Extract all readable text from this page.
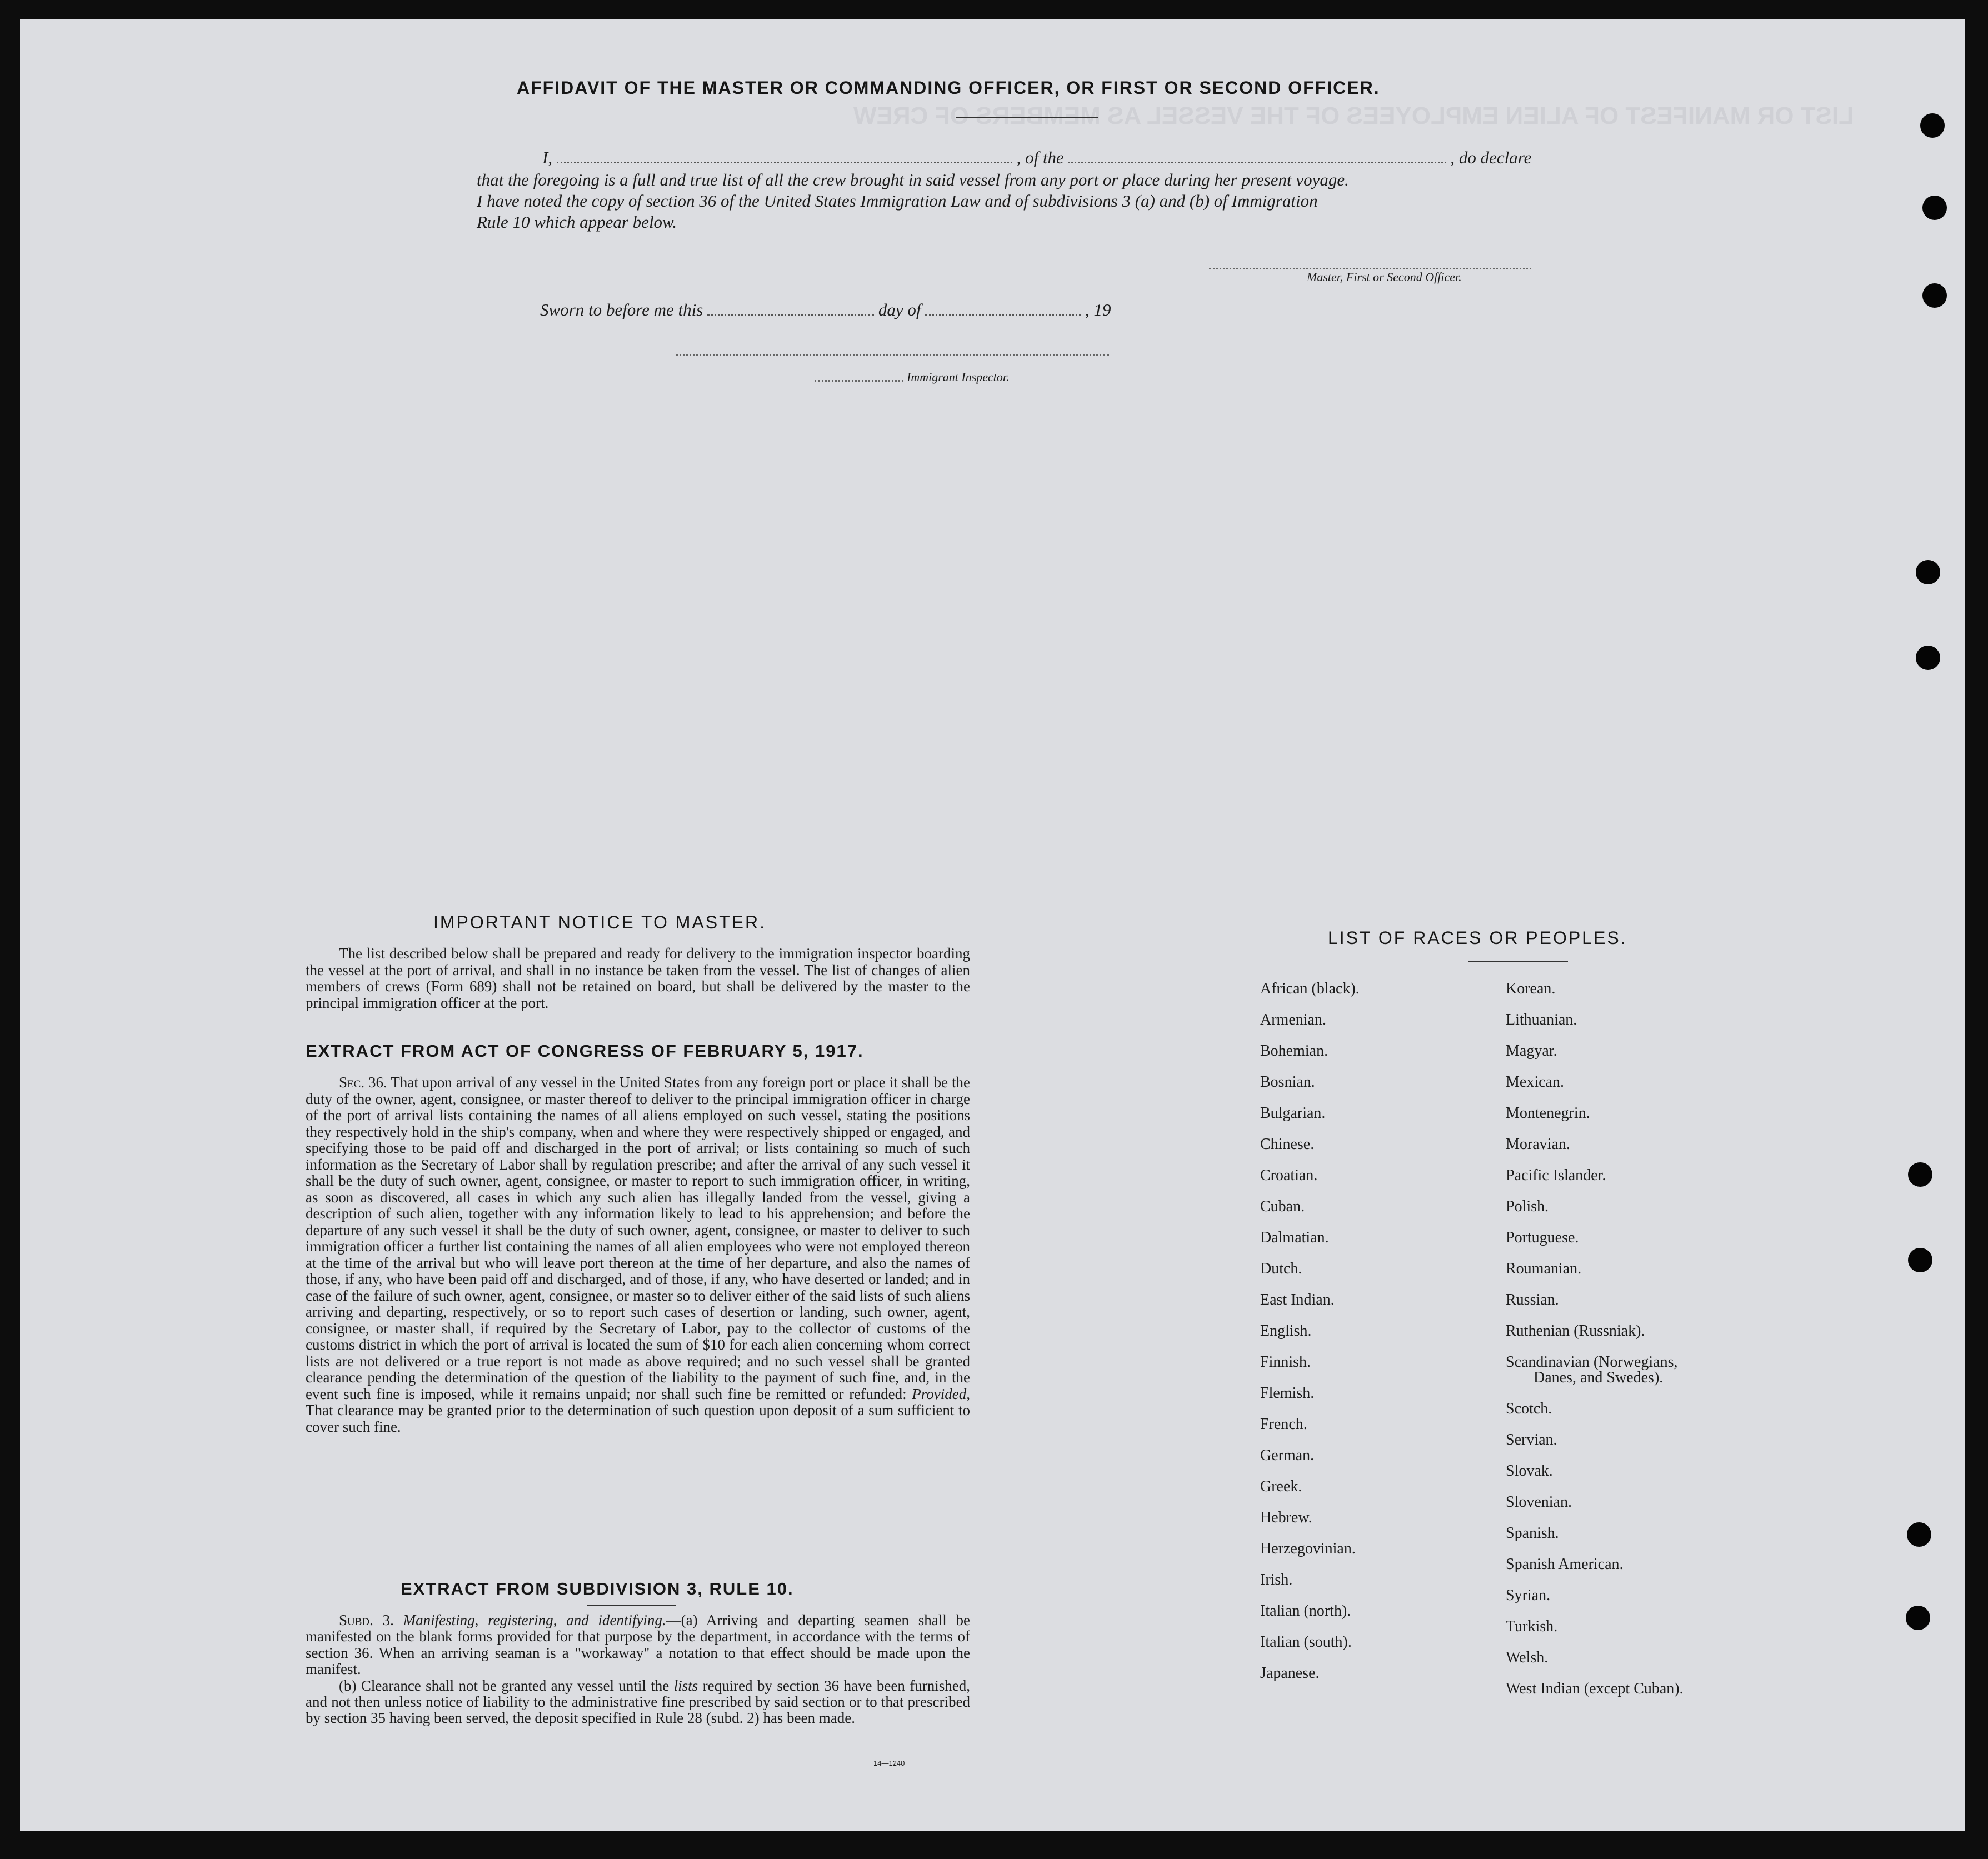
LIST OR MANIFEST OF ALIEN EMPLOYEES OF THE VESSEL AS MEMBERS OF CREW
AFFIDAVIT OF THE MASTER OR COMMANDING OFFICER, OR FIRST OR SECOND OFFICER.
I,	, of the	, do declare
that the foregoing is a full and true list of all the crew brought in said vessel from any port or place during her present voyage.
I have noted the copy of section 36 of the United States Immigration Law and of subdivisions 3 (a) and (b) of Immigration
Rule 10 which appear below.
Master, First or Second Officer.
Sworn to before me this	day of	, 19
Immigrant Inspector.
IMPORTANT NOTICE TO MASTER.

The list described below shall be prepared and ready for delivery to the immigration inspector boarding the vessel at the port of arrival, and shall in no instance be taken from the vessel. The list of changes of alien members of crews (Form 689) shall not be retained on board, but shall be delivered by the master to the principal immigration officer at the port.

EXTRACT FROM ACT OF CONGRESS OF FEBRUARY 5, 1917.

Sec. 36. That upon arrival of any vessel in the United States from any foreign port or place it shall be the duty of the owner, agent, consignee, or master thereof to deliver to the principal immigration officer in charge of the port of arrival lists containing the names of all aliens employed on such vessel, stating the positions they respectively hold in the ship's company, when and where they were respectively shipped or engaged, and specifying those to be paid off and discharged in the port of arrival; or lists containing so much of such information as the Secretary of Labor shall by regulation prescribe; and after the arrival of any such vessel it shall be the duty of such owner, agent, consignee, or master to report to such immigration officer, in writing, as soon as discovered, all cases in which any such alien has illegally landed from the vessel, giving a description of such alien, together with any information likely to lead to his apprehension; and before the departure of any such vessel it shall be the duty of such owner, agent, consignee, or master to deliver to such immigration officer a further list containing the names of all alien employees who were not employed thereon at the time of the arrival but who will leave port thereon at the time of her departure, and also the names of those, if any, who have been paid off and discharged, and of those, if any, who have deserted or landed; and in case of the failure of such owner, agent, consignee, or master so to deliver either of the said lists of such aliens arriving and departing, respectively, or so to report such cases of desertion or landing, such owner, agent, consignee, or master shall, if required by the Secretary of Labor, pay to the collector of customs of the customs district in which the port of arrival is located the sum of $10 for each alien concerning whom correct lists are not delivered or a true report is not made as above required; and no such vessel shall be granted clearance pending the determination of the question of the liability to the payment of such fine, and, in the event such fine is imposed, while it remains unpaid; nor shall such fine be remitted or refunded: Provided, That clearance may be granted prior to the determination of such question upon deposit of a sum sufficient to cover such fine.

EXTRACT FROM SUBDIVISION 3, RULE 10.

Subd. 3. Manifesting, registering, and identifying.—(a) Arriving and departing seamen shall be manifested on the blank forms provided for that purpose by the department, in accordance with the terms of section 36. When an arriving seaman is a "workaway" a notation to that effect should be made upon the manifest.

(b) Clearance shall not be granted any vessel until the lists required by section 36 have been furnished, and not then unless notice of liability to the administrative fine prescribed by said section or to that prescribed by section 35 having been served, the deposit specified in Rule 28 (subd. 2) has been made.

14—1240
LIST OF RACES OR PEOPLES.
African (black).
Armenian.
Bohemian.
Bosnian.
Bulgarian.
Chinese.
Croatian.
Cuban.
Dalmatian.
Dutch.
East Indian.
English.
Finnish.
Flemish.
French.
German.
Greek.
Hebrew.
Herzegovinian.
Irish.
Italian (north).
Italian (south).
Japanese.
Korean.
Lithuanian.
Magyar.
Mexican.
Montenegrin.
Moravian.
Pacific Islander.
Polish.
Portuguese.
Roumanian.
Russian.
Ruthenian (Russniak).
Scandinavian (Norwegians,
Danes, and Swedes).
Scotch.
Servian.
Slovak.
Slovenian.
Spanish.
Spanish American.
Syrian.
Turkish.
Welsh.
West Indian (except Cuban).
